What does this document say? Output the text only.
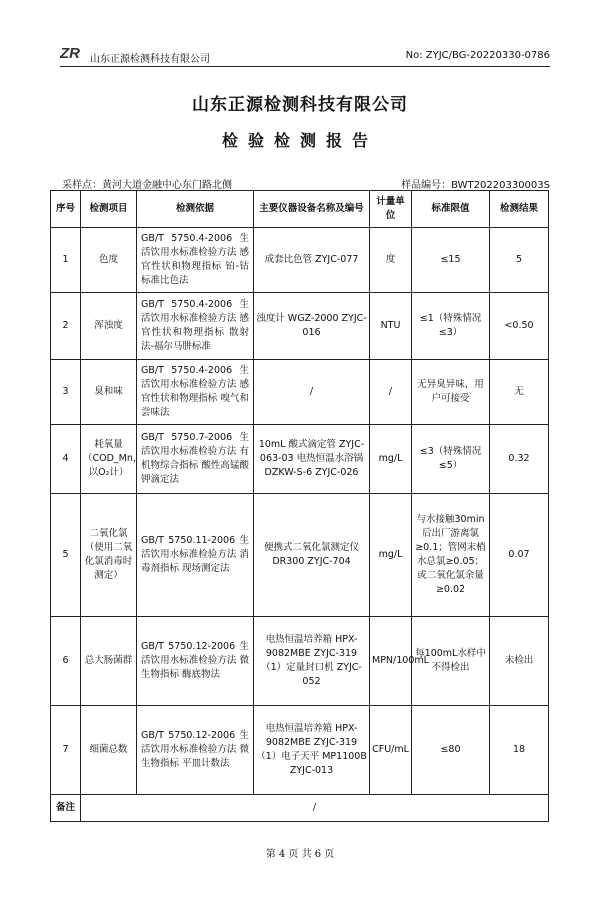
ZR 山东正源检测科技有限公司	No: ZYJC/BG-20220330-0786
山东正源检测科技有限公司
检验检测报告
采样点：黄河大道金融中心东门路北侧	样品编号：BWT20220330003S
序号	检测项目	检测依据	主要仪器设备名称及编号	计量单位	标准限值	检测结果
1	色度	GB/T 5750.4-2006 生活饮用水标准检验方法 感官性状和物理指标 铂-钴标准比色法	成套比色管 ZYJC-077	度	≤15	5
2	浑浊度	GB/T 5750.4-2006 生活饮用水标准检验方法 感官性状和物理指标 散射法-福尔马肼标准	浊度计 WGZ-2000 ZYJC-016	NTU	≤1（特殊情况≤3）	<0.50
3	臭和味	GB/T 5750.4-2006 生活饮用水标准检验方法 感官性状和物理指标 嗅气和尝味法	/	/	无异臭异味，用户可接受	无
4	耗氧量（COD_Mn，以O₂计）	GB/T 5750.7-2006 生活饮用水标准检验方法 有机物综合指标 酸性高锰酸钾滴定法	10mL 酸式滴定管 ZYJC-063-03 电热恒温水浴锅 DZKW-S-6 ZYJC-026	mg/L	≤3（特殊情况≤5）	0.32
5	二氧化氯（使用二氧化氯消毒时测定）	GB/T 5750.11-2006 生活饮用水标准检验方法 消毒剂指标 现场测定法	便携式二氧化氯测定仪 DR300 ZYJC-704	mg/L	与水接触30min后出厂游离氯≥0.1；管网末梢水总氯≥0.05；或二氧化氯余量≥0.02	0.07
6	总大肠菌群	GB/T 5750.12-2006 生活饮用水标准检验方法 微生物指标 酶底物法	电热恒温培养箱 HPX-9082MBE ZYJC-319（1）定量封口机 ZYJC-052	MPN/100mL	每100mL水样中不得检出	未检出
7	细菌总数	GB/T 5750.12-2006 生活饮用水标准检验方法 微生物指标 平皿计数法	电热恒温培养箱 HPX-9082MBE ZYJC-319（1）电子天平 MP1100B ZYJC-013	CFU/mL	≤80	18
备注	/					
第 4 页 共 6 页
